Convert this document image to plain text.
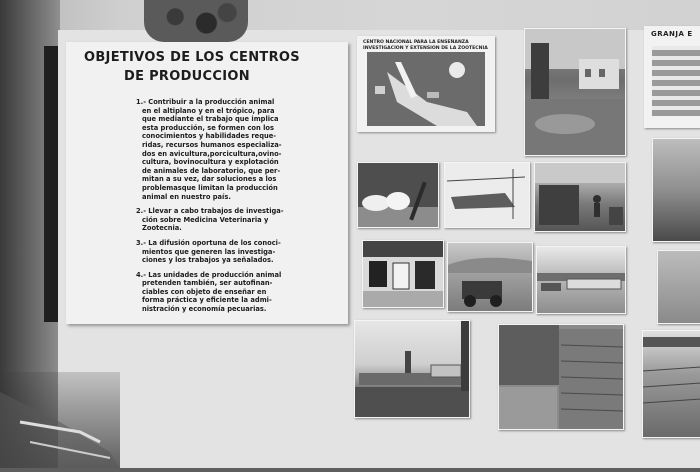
OBJETIVOS DE LOS CENTROS
DE PRODUCCION
1.- Contribuir a la producción animal
en el altiplano y en el trópico, para
que mediante el trabajo que implica
esta producción, se formen con los
conocimientos y habilidades reque-
ridas, recursos humanos especializa-
dos en avicultura,porcicultura,ovino-
cultura, bovinocultura y explotación
de animales de laboratorio, que per-
mitan a su vez, dar soluciones a los
problemasque limitan la producción
animal en nuestro país.
2.- Llevar a cabo trabajos de investiga-
ción sobre Medicina Veterinaria y
Zootecnia.
3.- La difusión oportuna de los conoci-
mientos que generen las investiga-
ciones y los trabajos ya señalados.
4.- Las unidades de producción animal
pretenden también, ser autofinan-
ciables con objeto de enseñar en
forma práctica y eficiente la admi-
nistración y economía pecuarias.
CENTRO NACIONAL PARA LA ENSEÑANZA
INVESTIGACION Y EXTENSION DE LA ZOOTECNIA
GRANJA E
